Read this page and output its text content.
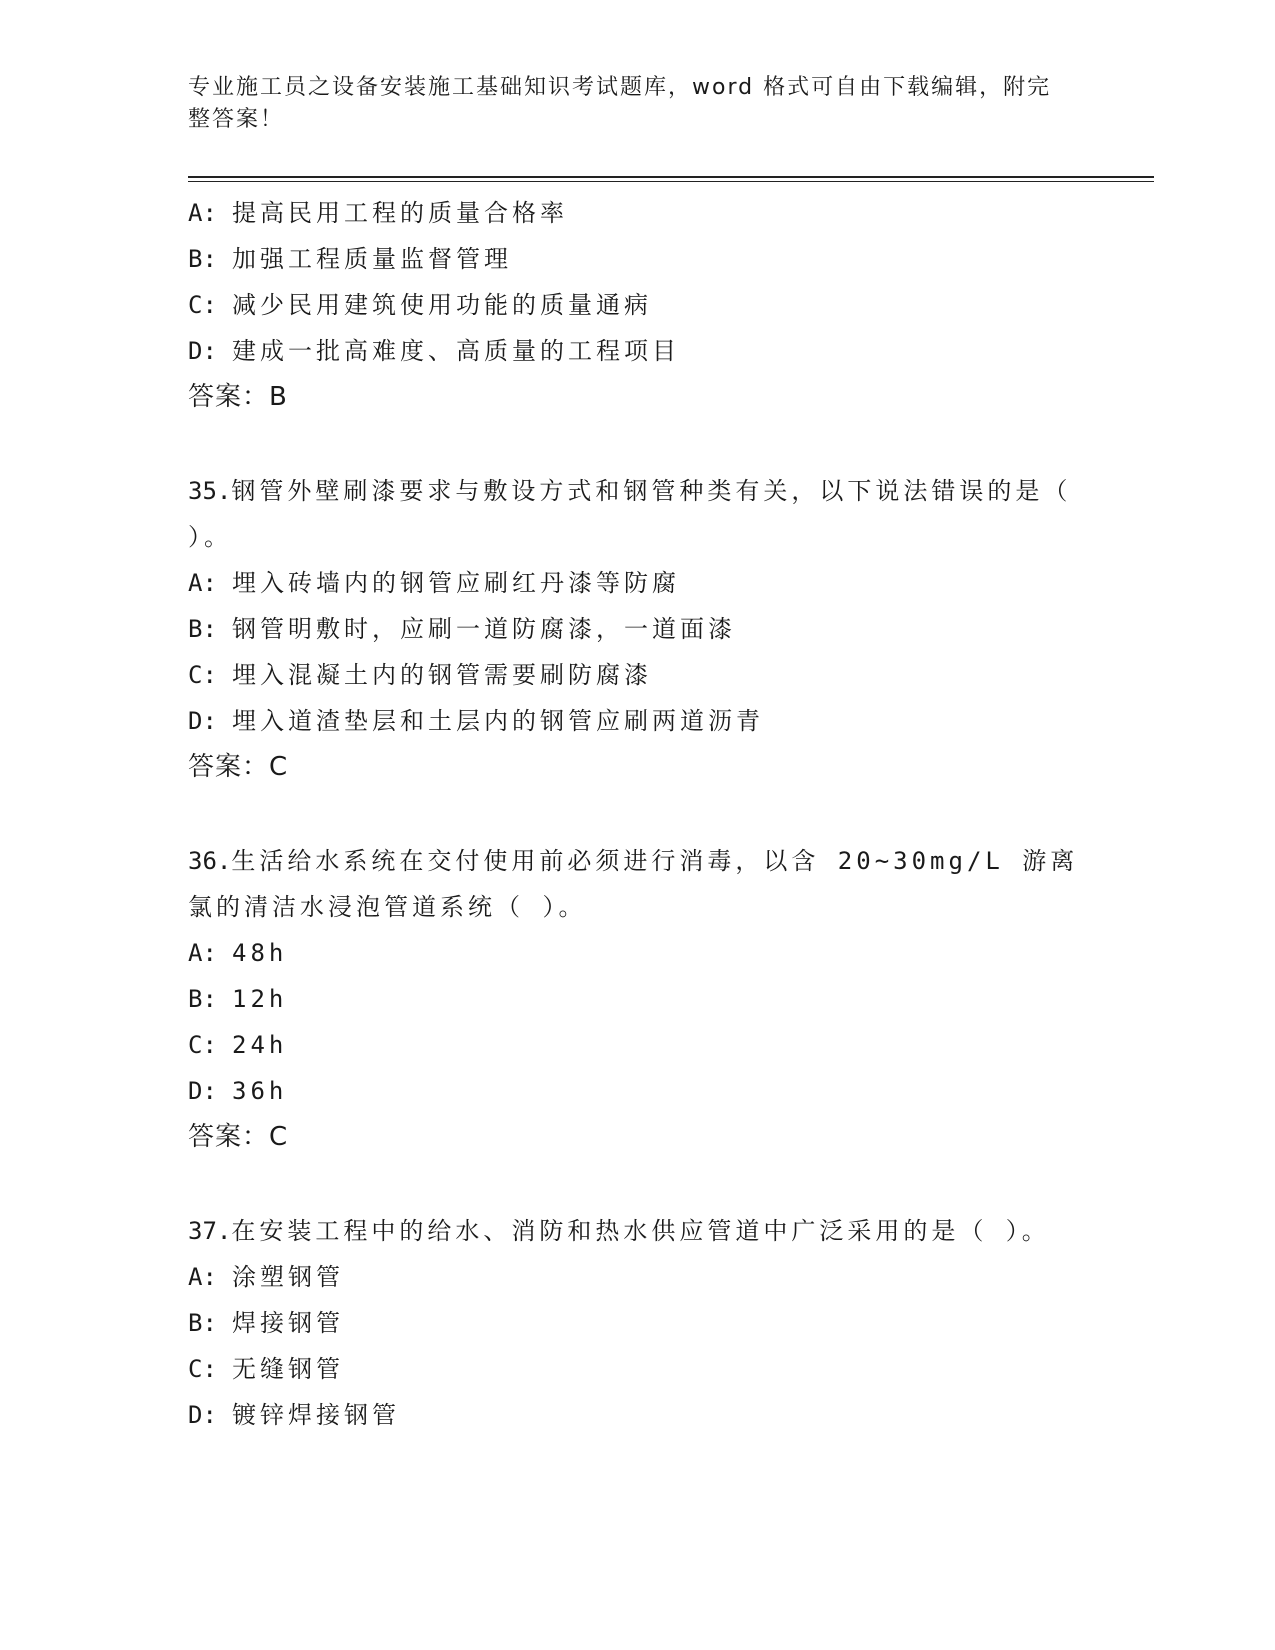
专业施工员之设备安装施工基础知识考试题库，word 格式可自由下载编辑，附完整答案！
A: 提高民用工程的质量合格率
B: 加强工程质量监督管理
C: 减少民用建筑使用功能的质量通病
D: 建成一批高难度、高质量的工程项目
答案：B
35.钢管外壁刷漆要求与敷设方式和钢管种类有关，以下说法错误的是（ ）。
A: 埋入砖墙内的钢管应刷红丹漆等防腐
B: 钢管明敷时，应刷一道防腐漆，一道面漆
C: 埋入混凝土内的钢管需要刷防腐漆
D: 埋入道渣垫层和土层内的钢管应刷两道沥青
答案：C
36.生活给水系统在交付使用前必须进行消毒，以含 20~30mg/L 游离氯的清洁水浸泡管道系统（ ）。
A: 48h
B: 12h
C: 24h
D: 36h
答案：C
37.在安装工程中的给水、消防和热水供应管道中广泛采用的是（ ）。
A: 涂塑钢管
B: 焊接钢管
C: 无缝钢管
D: 镀锌焊接钢管
